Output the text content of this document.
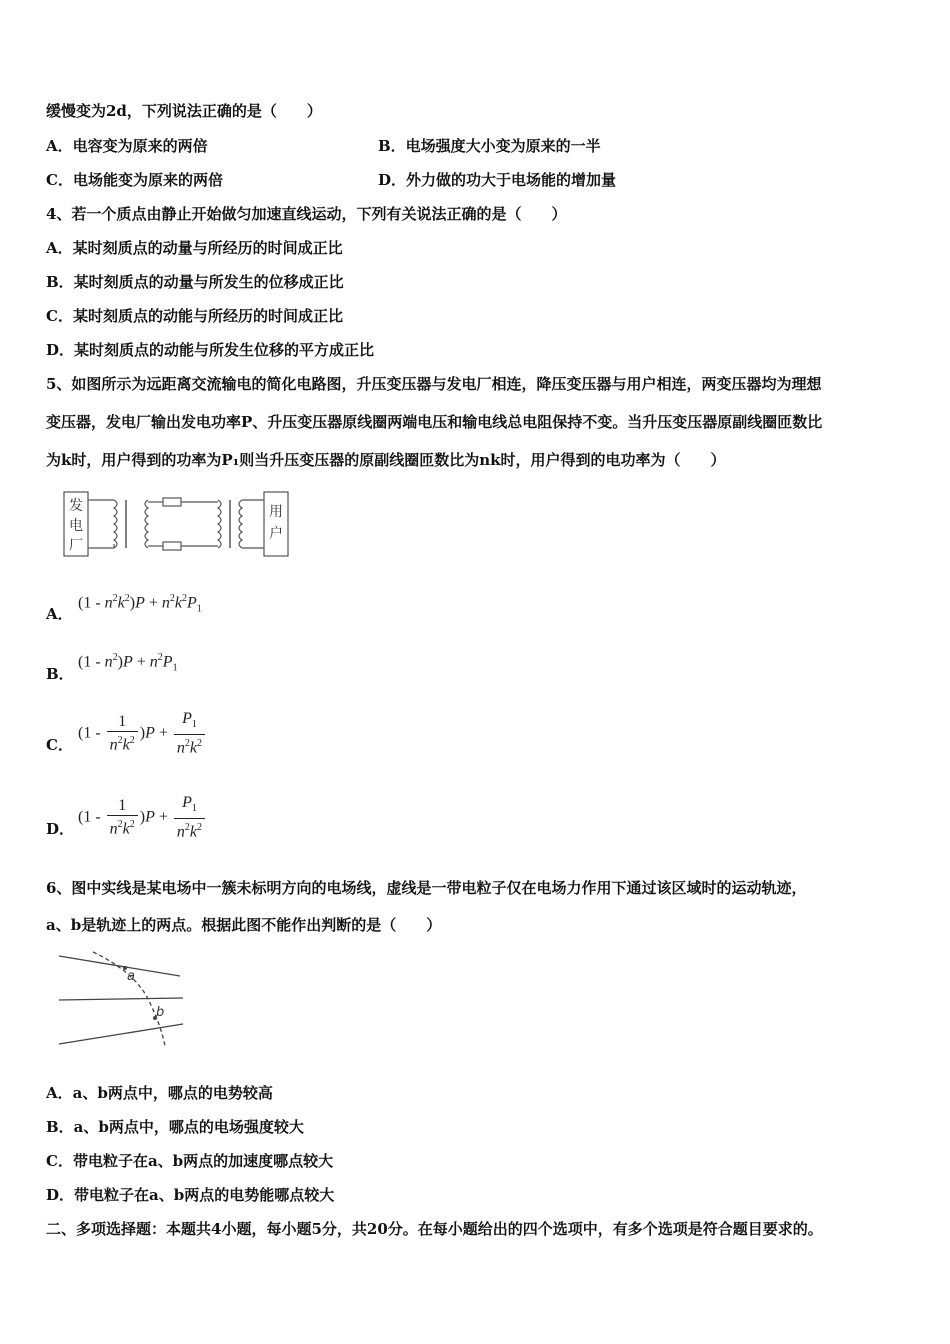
缓慢变为2d，下列说法正确的是（　　）
A．电容变为原来的两倍	B．电场强度大小变为原来的一半
C．电场能变为原来的两倍	D．外力做的功大于电场能的增加量
4、若一个质点由静止开始做匀加速直线运动，下列有关说法正确的是（　　）
A．某时刻质点的动量与所经历的时间成正比
B．某时刻质点的动量与所发生的位移成正比
C．某时刻质点的动能与所经历的时间成正比
D．某时刻质点的动能与所发生位移的平方成正比
5、如图所示为远距离交流输电的简化电路图，升压变压器与发电厂相连，降压变压器与用户相连，两变压器均为理想
变压器，发电厂输出发电功率P、升压变压器原线圈两端电压和输电线总电阻保持不变。当升压变压器原副线圈匝数比
为k时，用户得到的功率为P₁则当升压变压器的原副线圈匝数比为nk时，用户得到的电功率为（　　）
发
电
厂
用
户
A．
$(1 - n^2k^2)P + n^2k^2P_1$
B．
$(1 - n^2)P + n^2P_1$
C．
$(1 - \frac{1}{n^2k^2} )P + \frac{P_1}{n^2k^2}$
D．
$(1 - \frac{1}{n^2k^2} )P + \frac{P_1}{n^2k^2}$
6、图中实线是某电场中一簇未标明方向的电场线，虚线是一带电粒子仅在电场力作用下通过该区域时的运动轨迹，
a、b是轨迹上的两点。根据此图不能作出判断的是（　　）
a
b
A．a、b两点中，哪点的电势较高
B．a、b两点中，哪点的电场强度较大
C．带电粒子在a、b两点的加速度哪点较大
D．带电粒子在a、b两点的电势能哪点较大
二、多项选择题：本题共4小题，每小题5分，共20分。在每小题给出的四个选项中，有多个选项是符合题目要求的。
